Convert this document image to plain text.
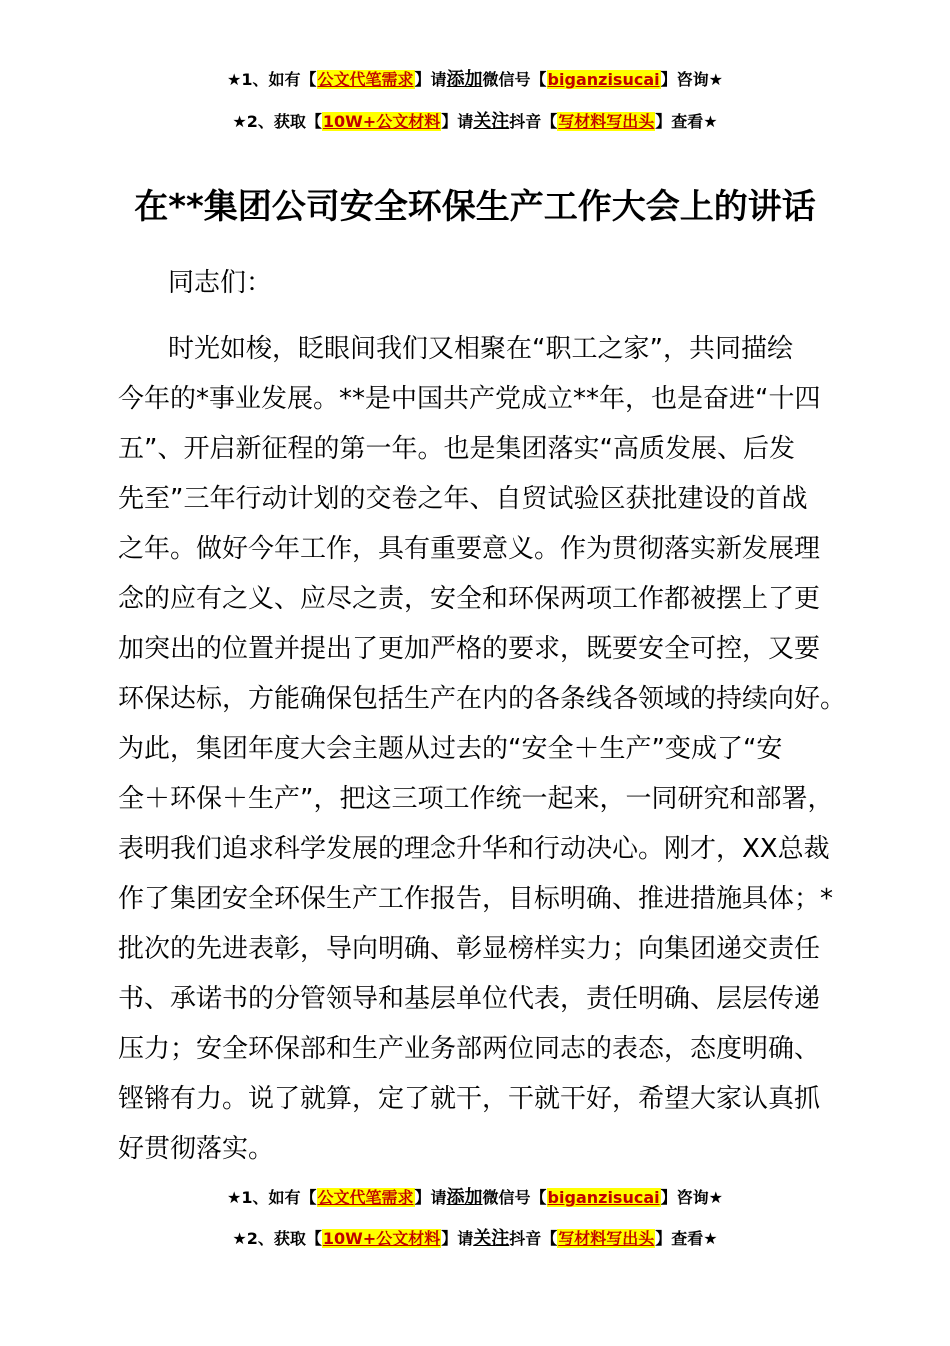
★1、如有【公文代笔需求】请添加微信号【biganzisucai】咨询★
★2、获取【10W+公文材料】请关注抖音【写材料写出头】查看★
在**集团公司安全环保生产工作大会上的讲话
同志们：
时光如梭，眨眼间我们又相聚在“职工之家”，共同描绘
今年的*事业发展。**是中国共产党成立**年，也是奋进“十四
五”、开启新征程的第一年。也是集团落实“高质发展、后发
先至”三年行动计划的交卷之年、自贸试验区获批建设的首战
之年。做好今年工作，具有重要意义。作为贯彻落实新发展理
念的应有之义、应尽之责，安全和环保两项工作都被摆上了更
加突出的位置并提出了更加严格的要求，既要安全可控，又要
环保达标，方能确保包括生产在内的各条线各领域的持续向好。
为此，集团年度大会主题从过去的“安全＋生产”变成了“安
全＋环保＋生产”，把这三项工作统一起来，一同研究和部署，
表明我们追求科学发展的理念升华和行动决心。刚才，XX总裁
作了集团安全环保生产工作报告，目标明确、推进措施具体；*
批次的先进表彰，导向明确、彰显榜样实力；向集团递交责任
书、承诺书的分管领导和基层单位代表，责任明确、层层传递
压力；安全环保部和生产业务部两位同志的表态，态度明确、
铿锵有力。说了就算，定了就干，干就干好，希望大家认真抓
好贯彻落实。
★1、如有【公文代笔需求】请添加微信号【biganzisucai】咨询★
★2、获取【10W+公文材料】请关注抖音【写材料写出头】查看★
